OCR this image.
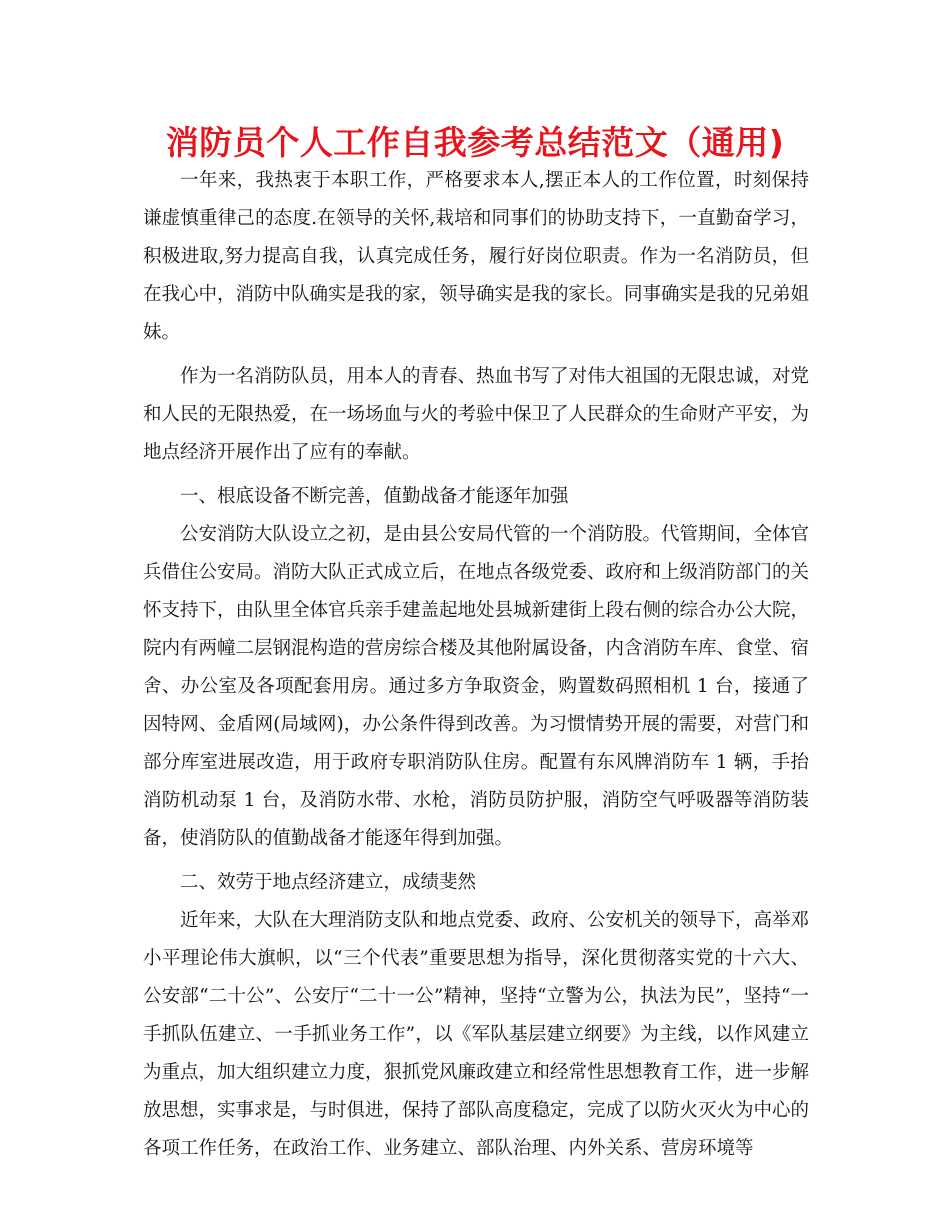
消防员个人工作自我参考总结范文（通用)

一年来，我热衷于本职工作，严格要求本人,摆正本人的工作位置，时刻保持谦虚慎重律己的态度.在领导的关怀,栽培和同事们的协助支持下，一直勤奋学习，积极进取,努力提高自我，认真完成任务，履行好岗位职责。作为一名消防员，但在我心中，消防中队确实是我的家，领导确实是我的家长。同事确实是我的兄弟姐妹。

作为一名消防队员，用本人的青春、热血书写了对伟大祖国的无限忠诚，对党和人民的无限热爱，在一场场血与火的考验中保卫了人民群众的生命财产平安，为地点经济开展作出了应有的奉献。

一、根底设备不断完善，值勤战备才能逐年加强

公安消防大队设立之初，是由县公安局代管的一个消防股。代管期间，全体官兵借住公安局。消防大队正式成立后，在地点各级党委、政府和上级消防部门的关怀支持下，由队里全体官兵亲手建盖起地处县城新建街上段右侧的综合办公大院，院内有两幢二层钢混构造的营房综合楼及其他附属设备，内含消防车库、食堂、宿舍、办公室及各项配套用房。通过多方争取资金，购置数码照相机 1 台，接通了因特网、金盾网(局域网)，办公条件得到改善。为习惯情势开展的需要，对营门和部分库室进展改造，用于政府专职消防队住房。配置有东风牌消防车 1 辆，手抬消防机动泵 1 台，及消防水带、水枪，消防员防护服，消防空气呼吸器等消防装备，使消防队的值勤战备才能逐年得到加强。

二、效劳于地点经济建立，成绩斐然

近年来，大队在大理消防支队和地点党委、政府、公安机关的领导下，高举邓小平理论伟大旗帜，以“三个代表”重要思想为指导，深化贯彻落实党的十六大、公安部“二十公”、公安厅“二十一公”精神，坚持“立警为公，执法为民”，坚持“一手抓队伍建立、一手抓业务工作”，以《军队基层建立纲要》为主线，以作风建立为重点，加大组织建立力度，狠抓党风廉政建立和经常性思想教育工作，进一步解放思想，实事求是，与时俱进，保持了部队高度稳定，完成了以防火灭火为中心的各项工作任务，在政治工作、业务建立、部队治理、内外关系、营房环境等
